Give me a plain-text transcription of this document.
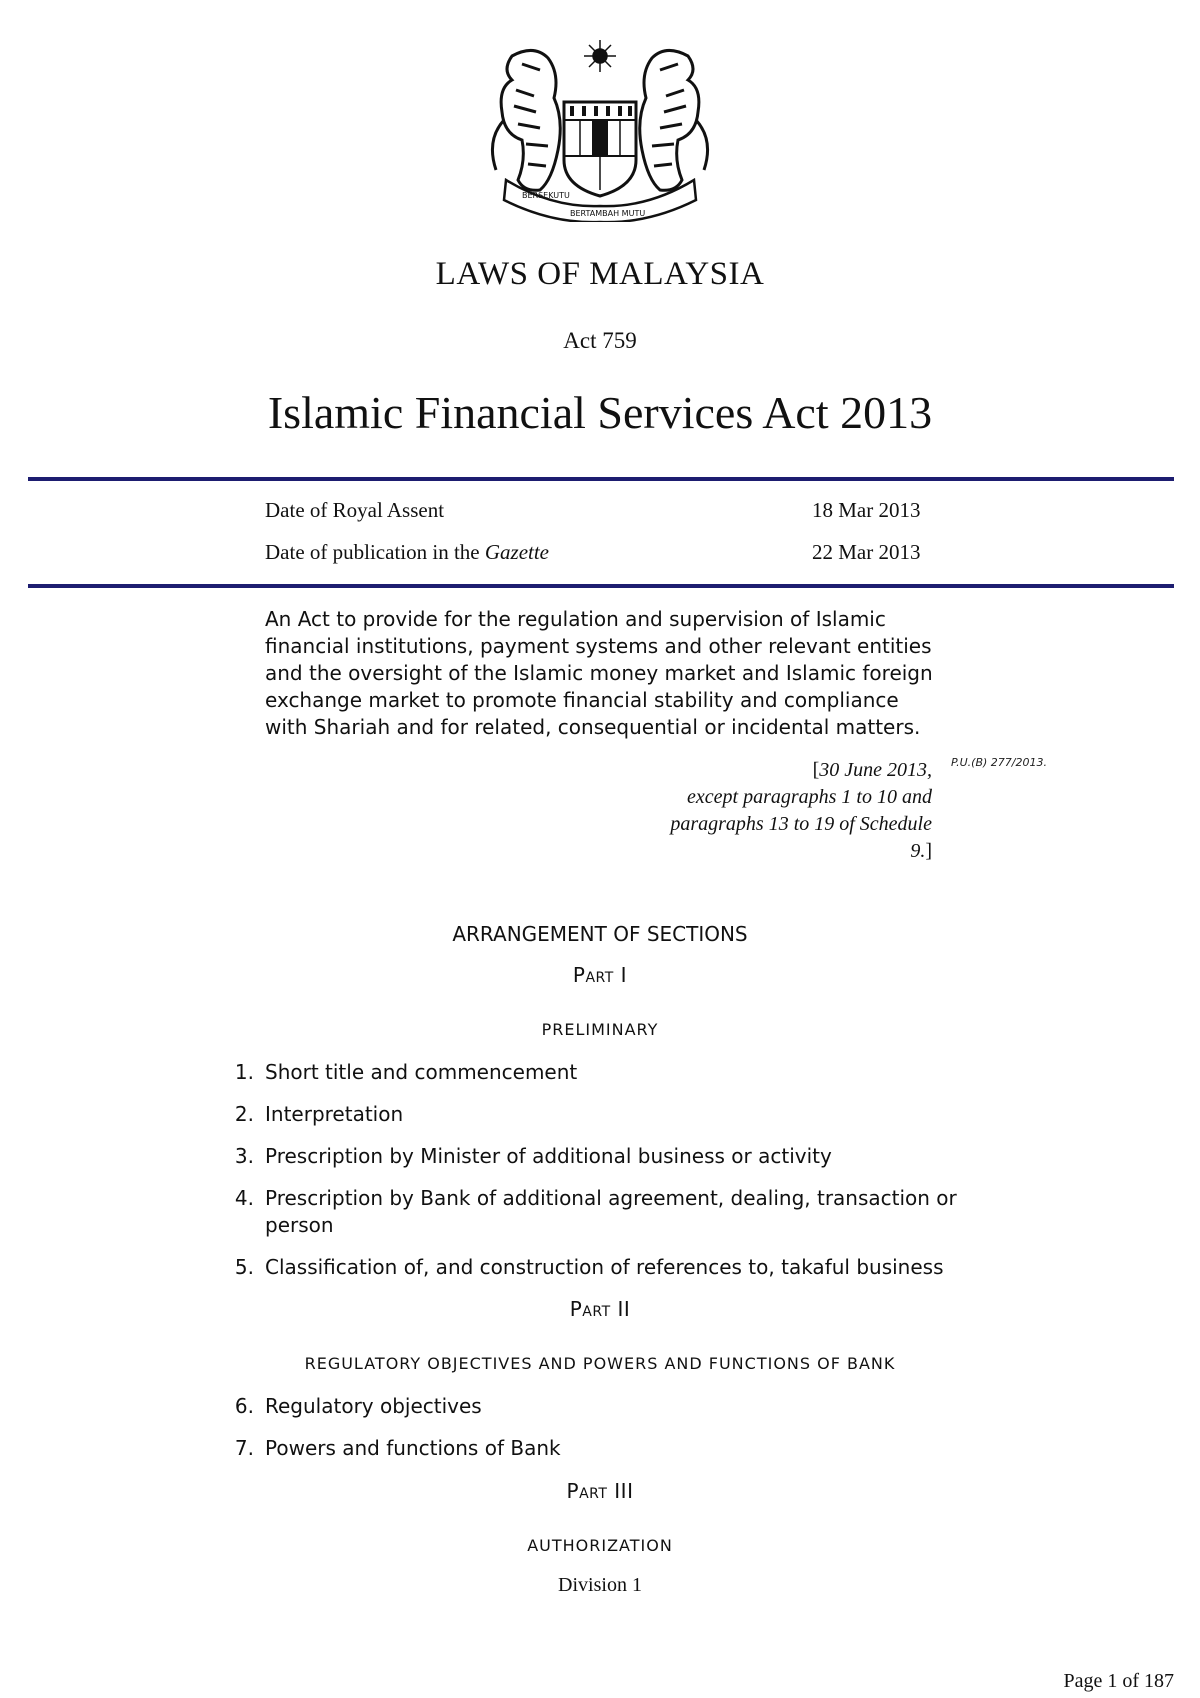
BERSEKUTU
BERTAMBAH MUTU
LAWS OF MALAYSIA
Act 759
Islamic Financial Services Act 2013
Date of Royal Assent	18 Mar 2013
Date of publication in the Gazette	22 Mar 2013
An Act to provide for the regulation and supervision of Islamic financial institutions, payment systems and other relevant entities and the oversight of the Islamic money market and Islamic foreign exchange market to promote financial stability and compliance with Shariah and for related, consequential or incidental matters.
[30 June 2013,
except paragraphs 1 to 10 and
paragraphs 13 to 19 of Schedule
9.]
P.U.(B) 277/2013.
ARRANGEMENT OF SECTIONS
Part I
PRELIMINARY
1. Short title and commencement
2. Interpretation
3. Prescription by Minister of additional business or activity
4. Prescription by Bank of additional agreement, dealing, transaction or person
5. Classification of, and construction of references to, takaful business
Part II
REGULATORY OBJECTIVES AND POWERS AND FUNCTIONS OF BANK
6. Regulatory objectives
7. Powers and functions of Bank
Part III
AUTHORIZATION
Division 1
Page 1 of 187
